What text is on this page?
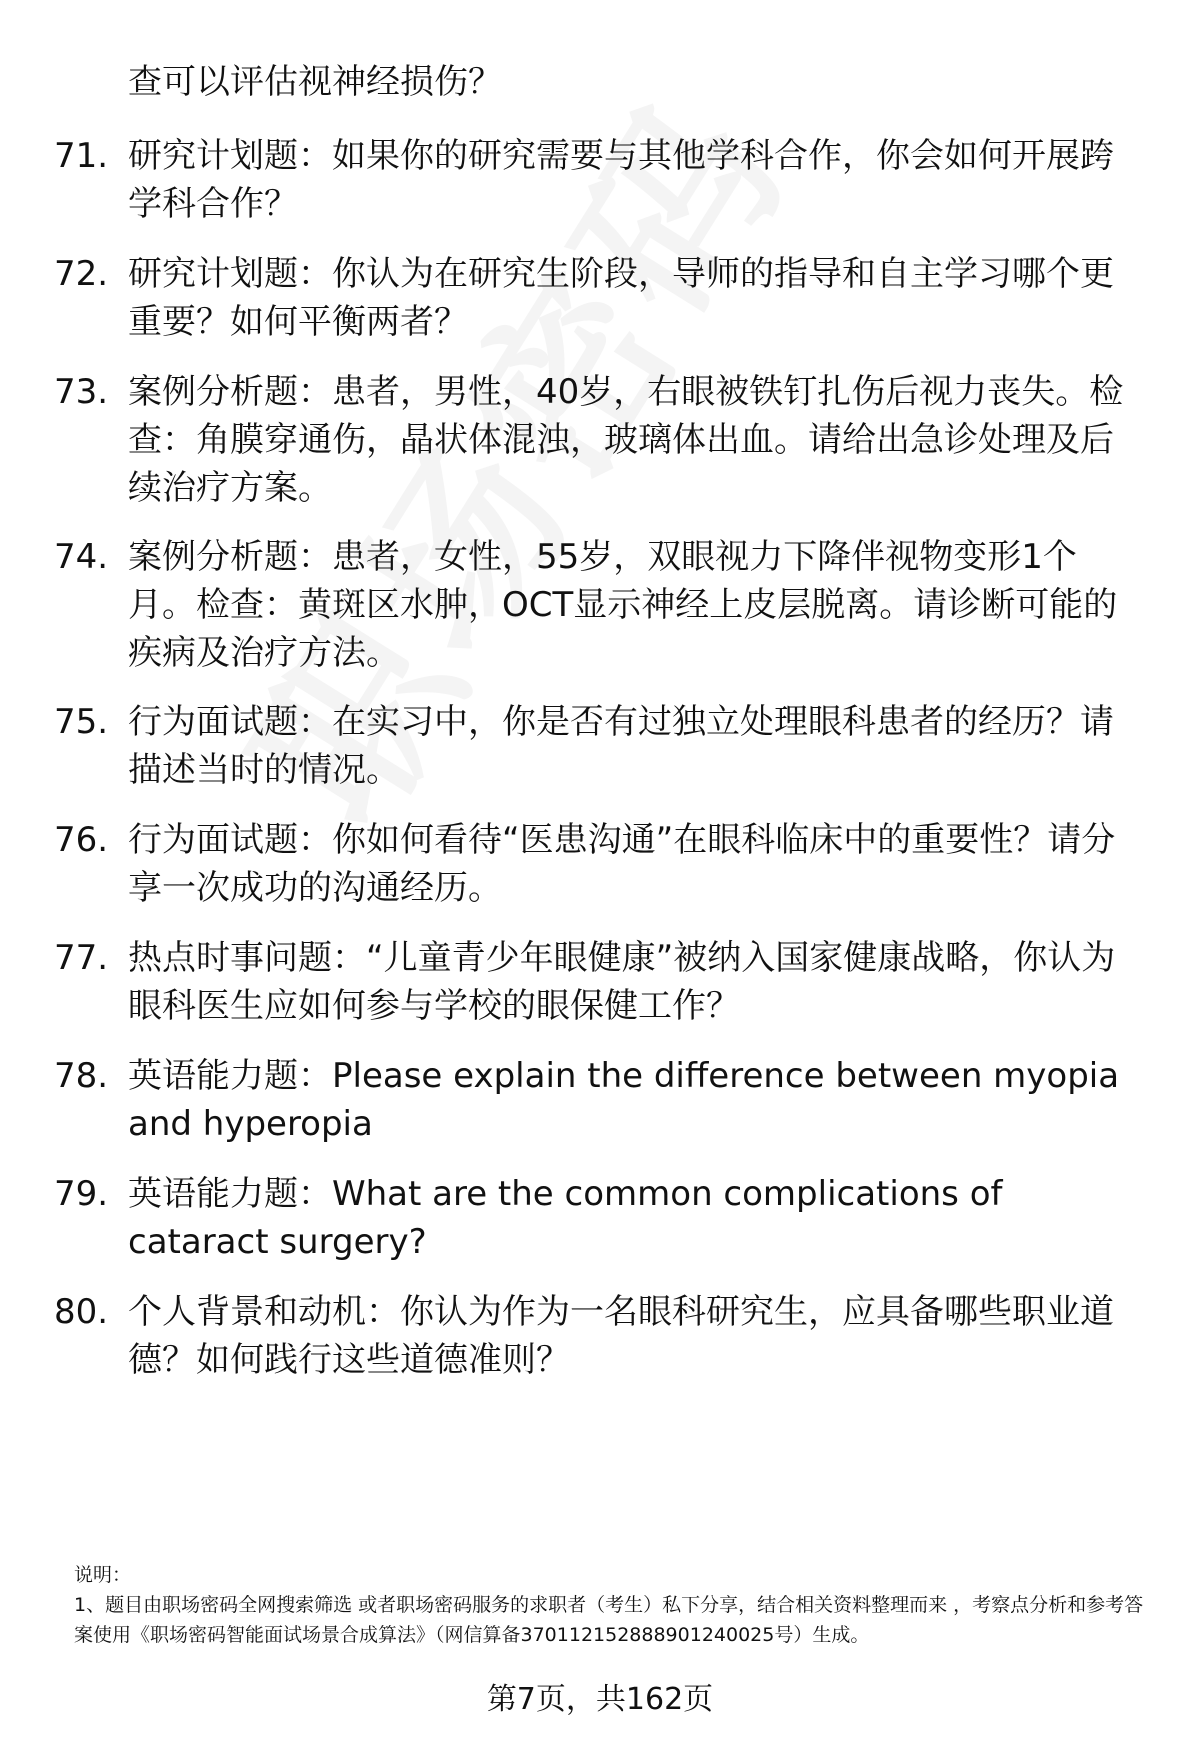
查可以评估视神经损伤？
71. 研究计划题：如果你的研究需要与其他学科合作，你会如何开展跨学科合作？
72. 研究计划题：你认为在研究生阶段，导师的指导和自主学习哪个更重要？如何平衡两者？
73. 案例分析题：患者，男性，40岁，右眼被铁钉扎伤后视力丧失。检查：角膜穿通伤，晶状体混浊，玻璃体出血。请给出急诊处理及后续治疗方案。
74. 案例分析题：患者，女性，55岁，双眼视力下降伴视物变形1个月。检查：黄斑区水肿，OCT显示神经上皮层脱离。请诊断可能的疾病及治疗方法。
75. 行为面试题：在实习中，你是否有过独立处理眼科患者的经历？请描述当时的情况。
76. 行为面试题：你如何看待“医患沟通”在眼科临床中的重要性？请分享一次成功的沟通经历。
77. 热点时事问题：“儿童青少年眼健康”被纳入国家健康战略，你认为眼科医生应如何参与学校的眼保健工作？
78. 英语能力题：Please explain the difference between myopia and hyperopia
79. 英语能力题：What are the common complications of cataract surgery?
80. 个人背景和动机：你认为作为一名眼科研究生，应具备哪些职业道德？如何践行这些道德准则？
说明：
1、题目由职场密码全网搜索筛选 或者职场密码服务的求职者（考生）私下分享，结合相关资料整理而来 ，考察点分析和参考答案使用《职场密码智能面试场景合成算法》（网信算备370112152888901240025号）生成。
第7页，共162页
